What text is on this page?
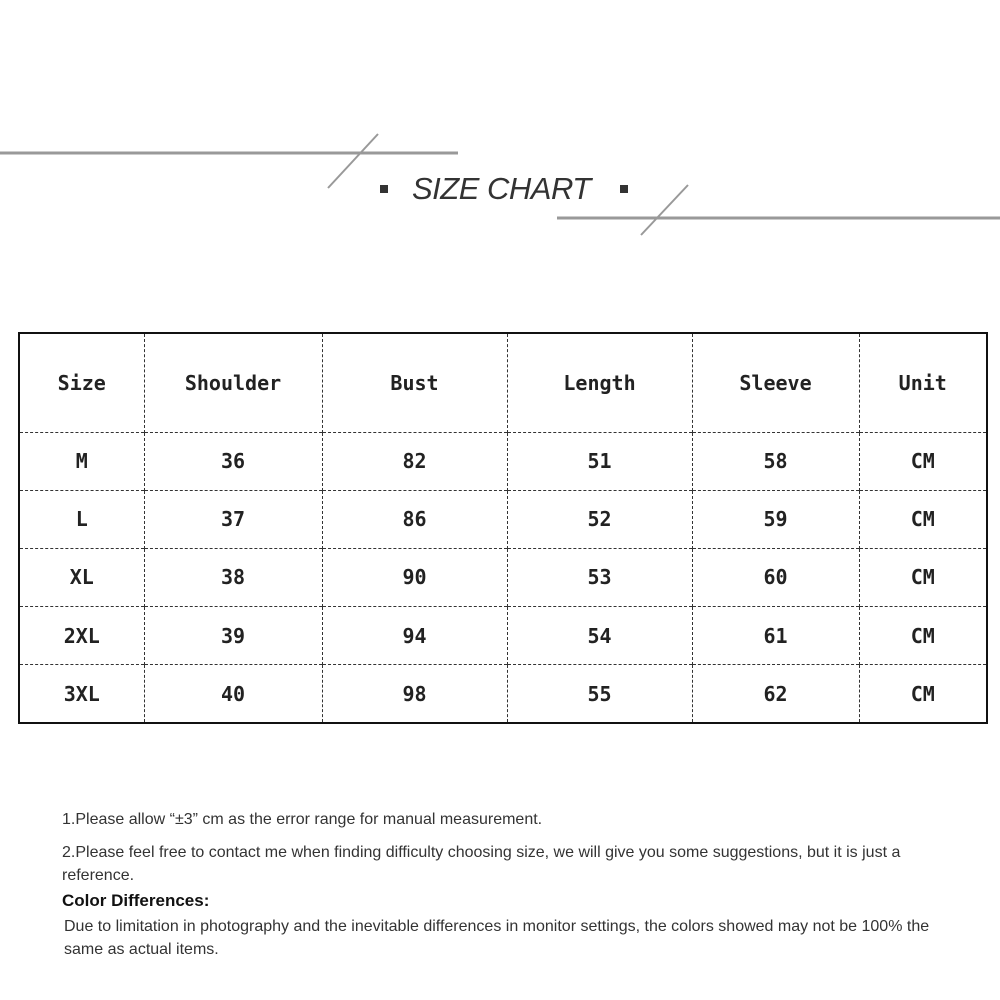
SIZE CHART
Size	Shoulder	Bust	Length	Sleeve	Unit
M	36	82	51	58	CM
L	37	86	52	59	CM
XL	38	90	53	60	CM
2XL	39	94	54	61	CM
3XL	40	98	55	62	CM

1.Please allow “±3” cm as the error range for manual measurement.

2.Please feel free to contact me when finding difficulty choosing size, we will give you some suggestions, but it is just a reference.

Color Differences:

Due to limitation in photography and the inevitable differences in monitor settings, the colors showed may not be 100% the same as actual items.
